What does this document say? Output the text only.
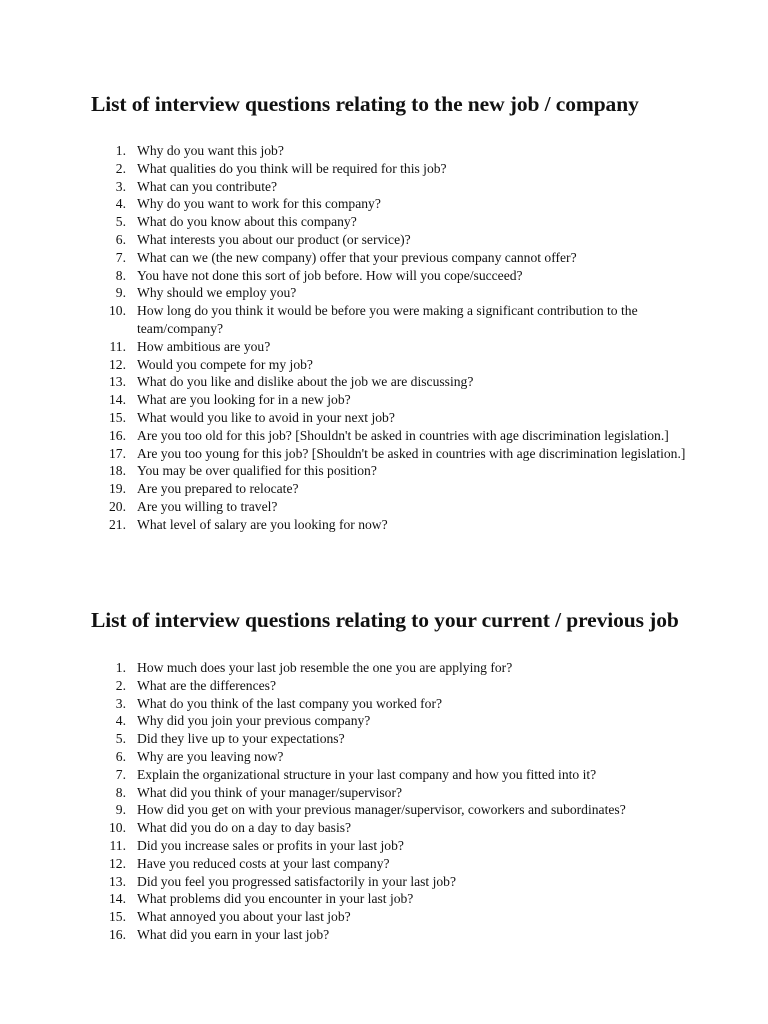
List of interview questions relating to the new job / company
1. Why do you want this job?
2. What qualities do you think will be required for this job?
3. What can you contribute?
4. Why do you want to work for this company?
5. What do you know about this company?
6. What interests you about our product (or service)?
7. What can we (the new company) offer that your previous company cannot offer?
8. You have not done this sort of job before. How will you cope/succeed?
9. Why should we employ you?
10. How long do you think it would be before you were making a significant contribution to the team/company?
11. How ambitious are you?
12. Would you compete for my job?
13. What do you like and dislike about the job we are discussing?
14. What are you looking for in a new job?
15. What would you like to avoid in your next job?
16. Are you too old for this job? [Shouldn't be asked in countries with age discrimination legislation.]
17. Are you too young for this job? [Shouldn't be asked in countries with age discrimination legislation.]
18. You may be over qualified for this position?
19. Are you prepared to relocate?
20. Are you willing to travel?
21. What level of salary are you looking for now?
List of interview questions relating to your current / previous job
1. How much does your last job resemble the one you are applying for?
2. What are the differences?
3. What do you think of the last company you worked for?
4. Why did you join your previous company?
5. Did they live up to your expectations?
6. Why are you leaving now?
7. Explain the organizational structure in your last company and how you fitted into it?
8. What did you think of your manager/supervisor?
9. How did you get on with your previous manager/supervisor, coworkers and subordinates?
10. What did you do on a day to day basis?
11. Did you increase sales or profits in your last job?
12. Have you reduced costs at your last company?
13. Did you feel you progressed satisfactorily in your last job?
14. What problems did you encounter in your last job?
15. What annoyed you about your last job?
16. What did you earn in your last job?
